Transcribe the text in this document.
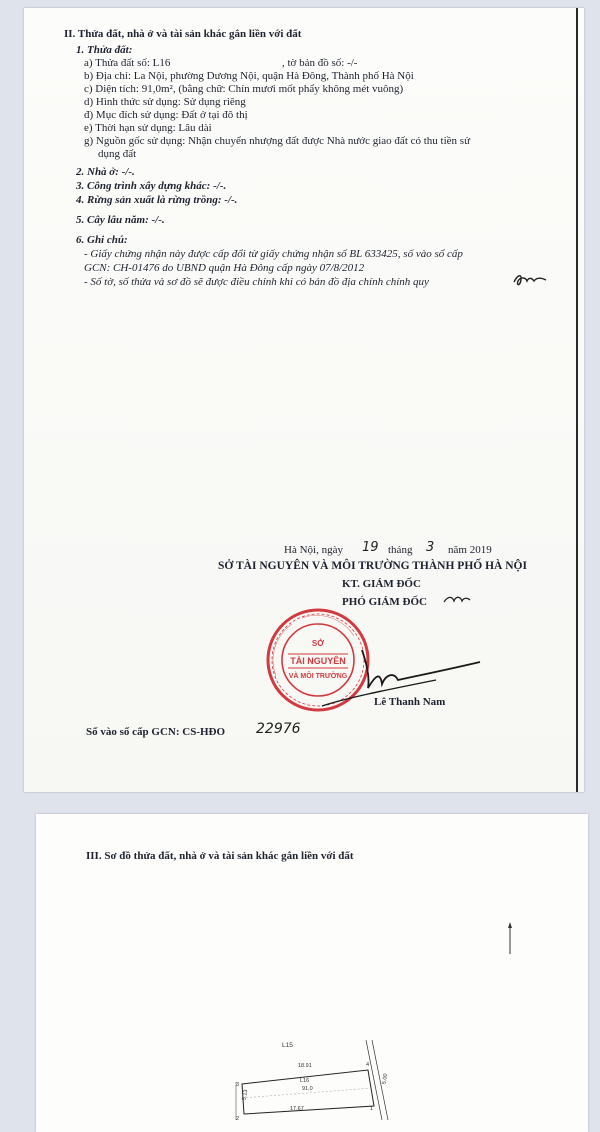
II. Thửa đất, nhà ở và tài sản khác gắn liền với đất
1. Thửa đất:
a) Thửa đất số: L16	, tờ bản đồ số: -/-
b) Địa chỉ: La Nội, phường Dương Nội, quận Hà Đông, Thành phố Hà Nội
c) Diện tích: 91,0m², (bằng chữ: Chín mươi mốt phẩy không mét vuông)
d) Hình thức sử dụng: Sử dụng riêng
đ) Mục đích sử dụng: Đất ở tại đô thị
e) Thời hạn sử dụng: Lâu dài
g) Nguồn gốc sử dụng: Nhận chuyển nhượng đất được Nhà nước giao đất có thu tiền sử
dụng đất
2. Nhà ở: -/-.
3. Công trình xây dựng khác: -/-.
4. Rừng sản xuất là rừng trồng: -/-.
5. Cây lâu năm: -/-.
6. Ghi chú:
- Giấy chứng nhận này được cấp đổi từ giấy chứng nhận số BL 633425, số vào sổ cấp
GCN: CH-01476 do UBND quận Hà Đông cấp ngày 07/8/2012
- Số tờ, số thửa và sơ đồ sẽ được điều chỉnh khi có bản đồ địa chính chính quy
Hà Nội, ngày 19 tháng 3 năm 2019
SỞ TÀI NGUYÊN VÀ MÔI TRƯỜNG THÀNH PHỐ HÀ NỘI
KT. GIÁM ĐỐC
PHÓ GIÁM ĐỐC
SỞ
TÀI NGUYÊN
VÀ MÔI TRƯỜNG
Lê Thanh Nam
Số vào sổ cấp GCN: CS-HĐO 22976
III. Sơ đồ thửa đất, nhà ở và tài sản khác gắn liền với đất
L15
18.91
L16
91,0
17.67
5.00
5.13
1
2
3
4
